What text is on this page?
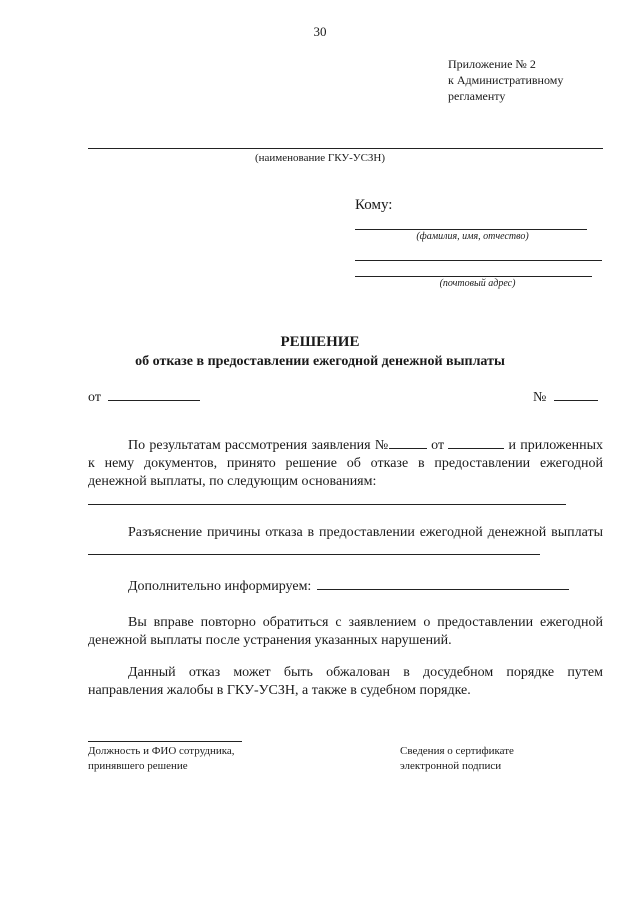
30
Приложение № 2
к Административному
регламенту
(наименование ГКУ-УСЗН)
Кому:
(фамилия, имя, отчество)
(почтовый адрес)
РЕШЕНИЕ
об отказе в предоставлении ежегодной денежной выплаты
от	№
По результатам рассмотрения заявления №	от	и приложенных к нему документов, принято решение об отказе в предоставлении ежегодной денежной выплаты, по следующим основаниям:
Разъяснение причины отказа в предоставлении ежегодной денежной выплаты
Дополнительно информируем:
Вы вправе повторно обратиться с заявлением о предоставлении ежегодной денежной выплаты после устранения указанных нарушений.
Данный отказ может быть обжалован в досудебном порядке путем направления жалобы в ГКУ-УСЗН, а также в судебном порядке.
Должность и ФИО сотрудника,
принявшего решение
Сведения о сертификате
электронной подписи
